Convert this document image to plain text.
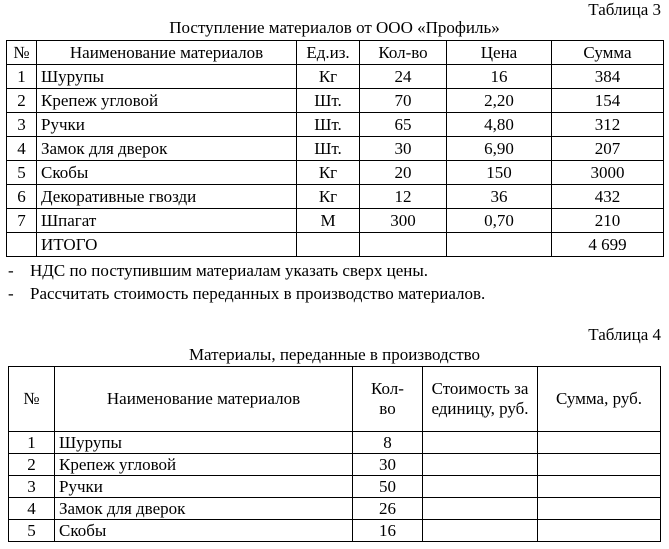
Таблица 3
Поступление материалов от ООО «Профиль»
№	Наименование материалов	Ед.из.	Кол-во	Цена	Сумма
1	Шурупы	Кг	24	16	384
2	Крепеж угловой	Шт.	70	2,20	154
3	Ручки	Шт.	65	4,80	312
4	Замок для дверок	Шт.	30	6,90	207
5	Скобы	Кг	20	150	3000
6	Декоративные гвозди	Кг	12	36	432
7	Шпагат	М	300	0,70	210
	ИТОГО				4 699
- НДС по поступившим материалам указать сверх цены.
- Рассчитать стоимость переданных в производство материалов.
Таблица 4
Материалы, переданные в производство
№	Наименование материалов	Кол-во	Стоимость за единицу, руб.	Сумма, руб.
1	Шурупы	8		
2	Крепеж угловой	30		
3	Ручки	50		
4	Замок для дверок	26		
5	Скобы	16		
